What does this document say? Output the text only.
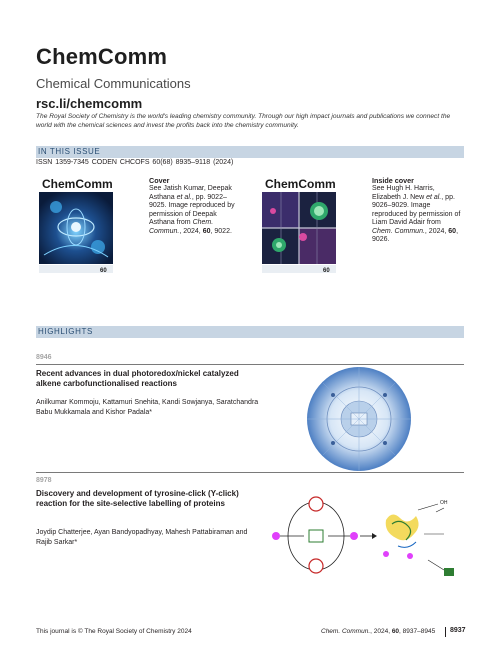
ChemComm
Chemical Communications
rsc.li/chemcomm
The Royal Society of Chemistry is the world's leading chemistry community. Through our high impact journals and publications we connect the world with the chemical sciences and invest the profits back into the chemistry community.
IN THIS ISSUE
ISSN 1359-7345 CODEN CHCOFS 60(68) 8935–9118 (2024)
ChemComm
60
Cover
See Jatish Kumar, Deepak Asthana et al., pp. 9022–9025. Image reproduced by permission of Deepak Asthana from Chem. Commun., 2024, 60, 9022.
ChemComm
60
Inside cover
See Hugh H. Harris, Elizabeth J. New et al., pp. 9026–9029. Image reproduced by permission of Liam David Adair from Chem. Commun., 2024, 60, 9026.
HIGHLIGHTS
8946
Recent advances in dual photoredox/nickel catalyzed alkene carbofunctionalised reactions
Anilkumar Kommoju, Kattamuri Snehita, Kandi Sowjanya, Saratchandra Babu Mukkamala and Kishor Padala*
8978
Discovery and development of tyrosine-click (Y-click) reaction for the site-selective labelling of proteins
Joydip Chatterjee, Ayan Bandyopadhyay, Mahesh Pattabiraman and Rajib Sarkar*
OH
This journal is © The Royal Society of Chemistry 2024	Chem. Commun., 2024, 60, 8937–8945 8937
